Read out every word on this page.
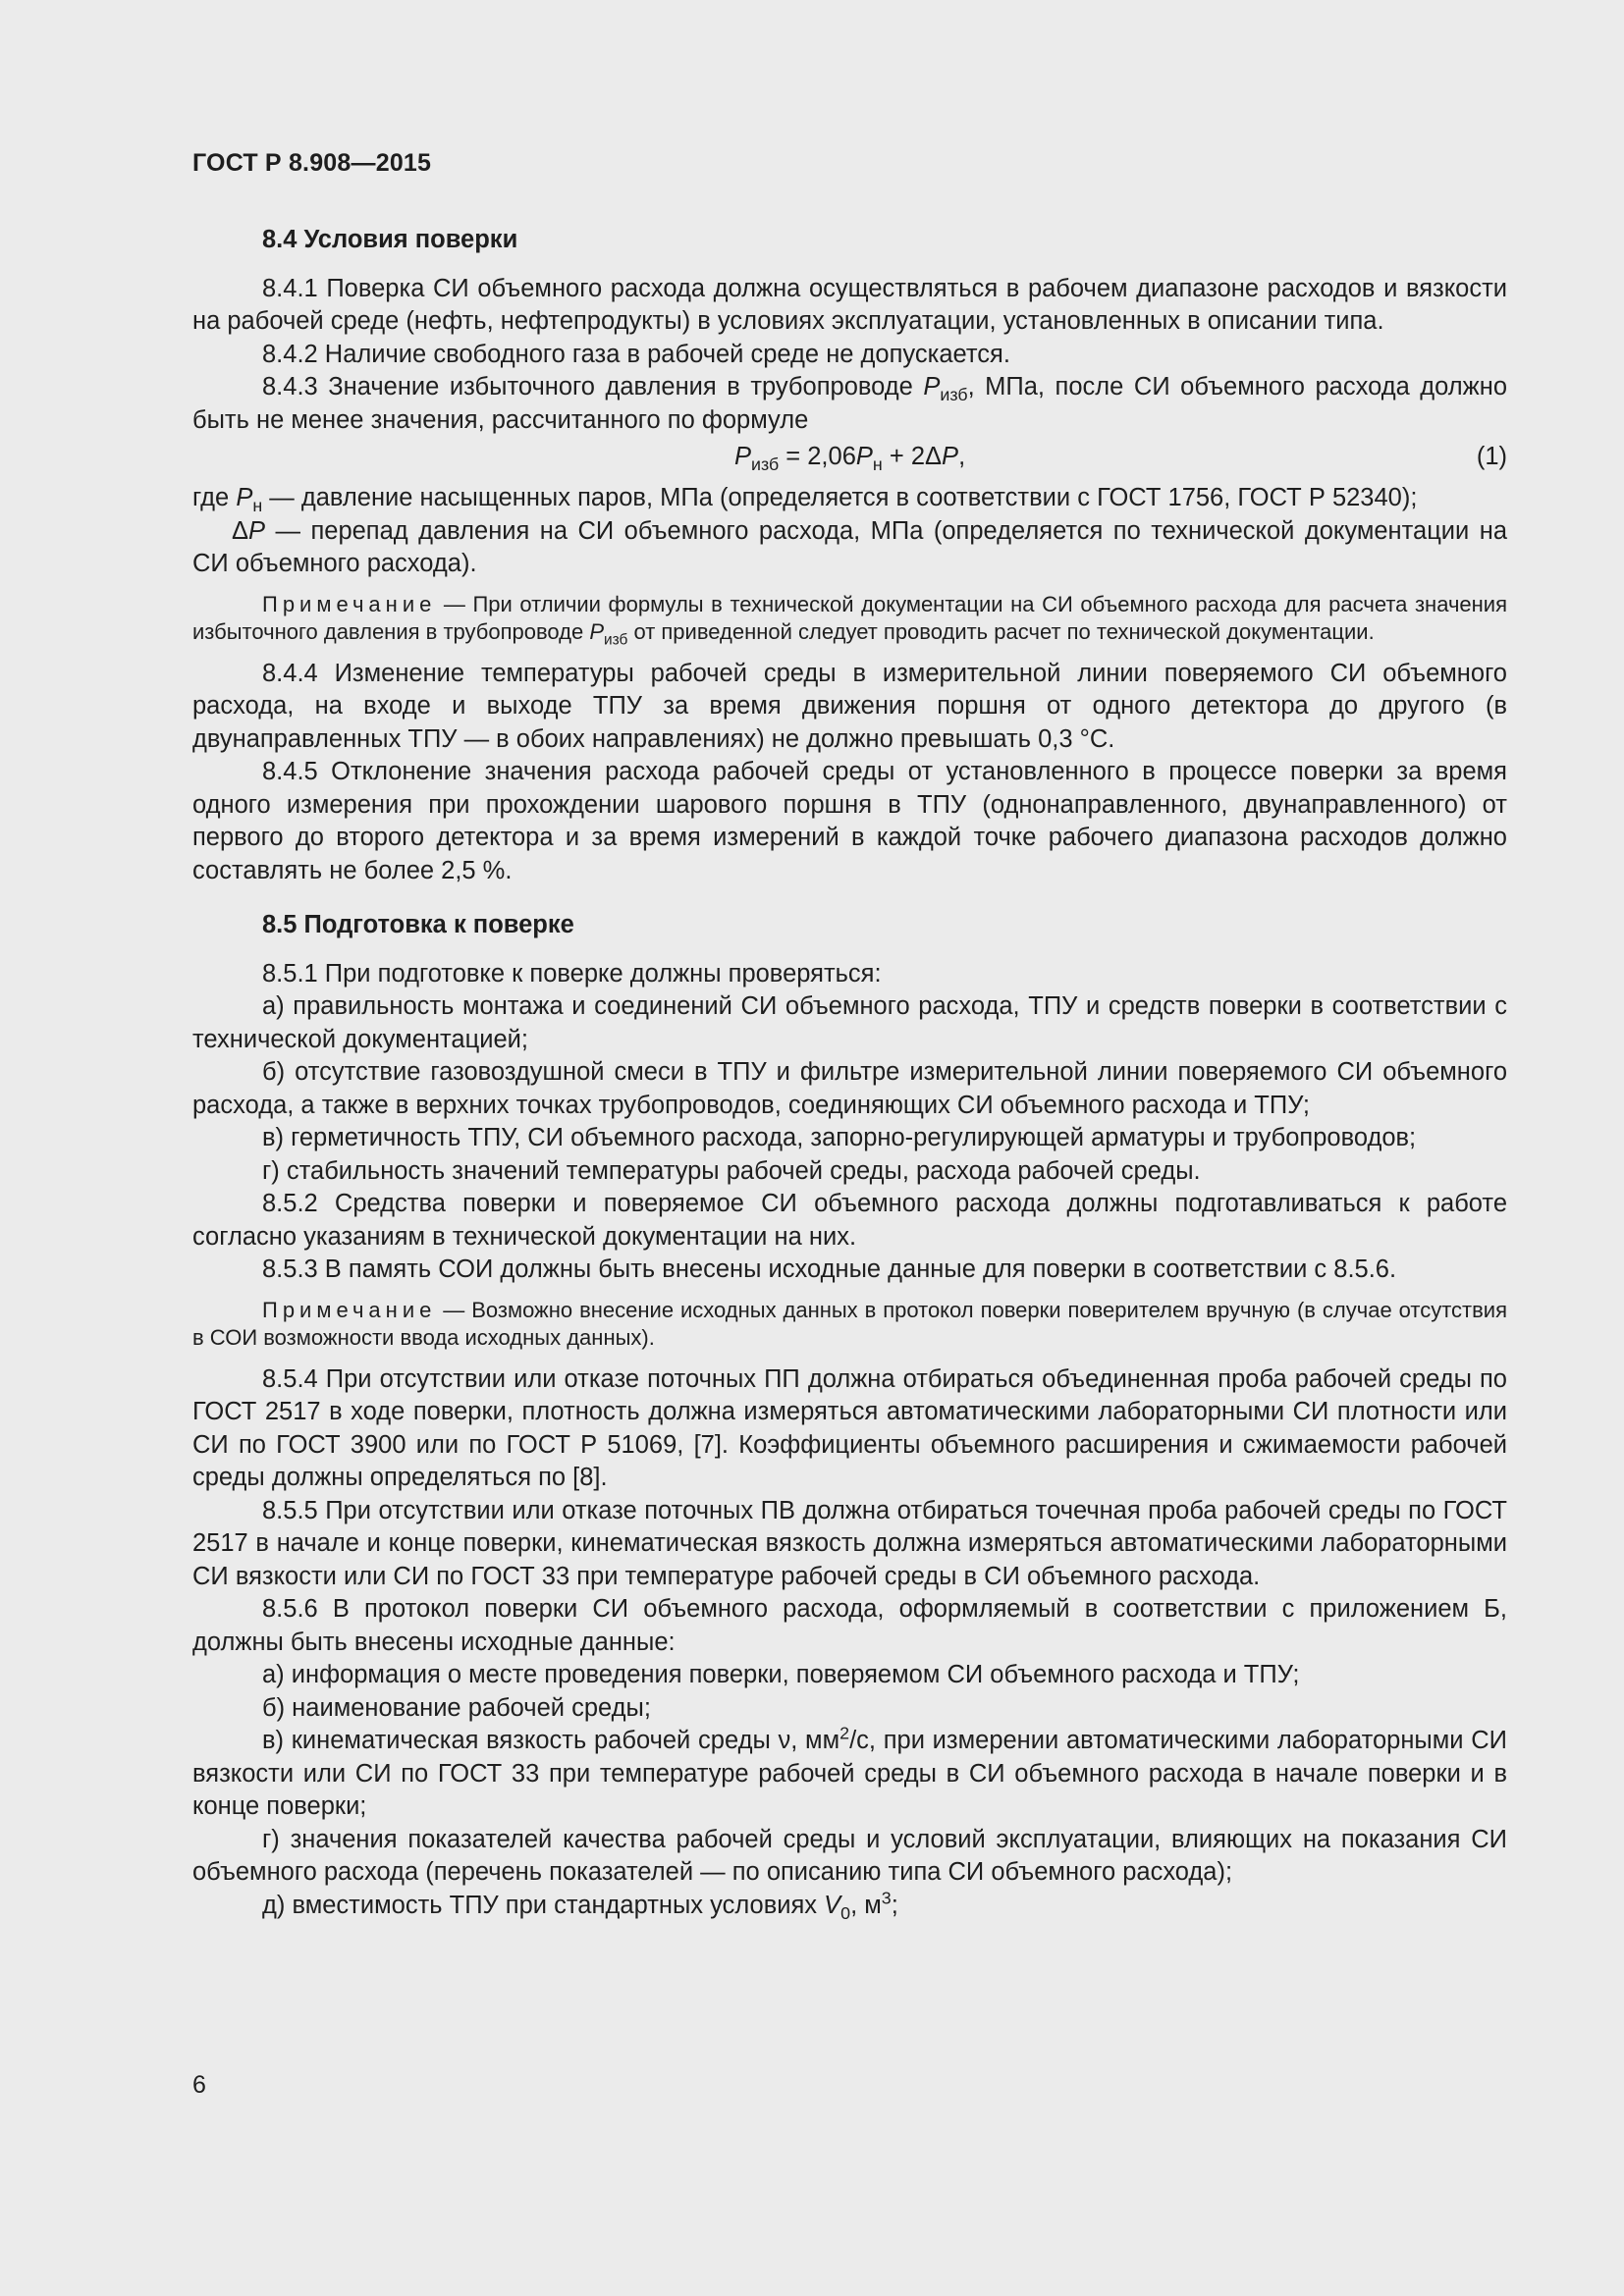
ГОСТ Р 8.908—2015

8.4 Условия поверки

8.4.1 Поверка СИ объемного расхода должна осуществляться в рабочем диапазоне расходов и вязкости на рабочей среде (нефть, нефтепродукты) в условиях эксплуатации, установленных в описании типа.

8.4.2 Наличие свободного газа в рабочей среде не допускается.

8.4.3 Значение избыточного давления в трубопроводе $P_{изб}$, МПа, после СИ объемного расхода должно быть не менее значения, рассчитанного по формуле

$P_{изб} = 2,06P_н + 2\Delta P$,	(1)

где $P_н$ — давление насыщенных паров, МПа (определяется в соответствии с ГОСТ 1756, ГОСТ Р 52340);

ΔP — перепад давления на СИ объемного расхода, МПа (определяется по технической документации на СИ объемного расхода).

Примечание — При отличии формулы в технической документации на СИ объемного расхода для расчета значения избыточного давления в трубопроводе $P_{изб}$ от приведенной следует проводить расчет по технической документации.

8.4.4 Изменение температуры рабочей среды в измерительной линии поверяемого СИ объемного расхода, на входе и выходе ТПУ за время движения поршня от одного детектора до другого (в двунаправленных ТПУ — в обоих направлениях) не должно превышать 0,3 °С.

8.4.5 Отклонение значения расхода рабочей среды от установленного в процессе поверки за время одного измерения при прохождении шарового поршня в ТПУ (однонаправленного, двунаправленного) от первого до второго детектора и за время измерений в каждой точке рабочего диапазона расходов должно составлять не более 2,5 %.

8.5 Подготовка к поверке

8.5.1 При подготовке к поверке должны проверяться:

а) правильность монтажа и соединений СИ объемного расхода, ТПУ и средств поверки в соответствии с технической документацией;

б) отсутствие газовоздушной смеси в ТПУ и фильтре измерительной линии поверяемого СИ объемного расхода, а также в верхних точках трубопроводов, соединяющих СИ объемного расхода и ТПУ;

в) герметичность ТПУ, СИ объемного расхода, запорно-регулирующей арматуры и трубопроводов;

г) стабильность значений температуры рабочей среды, расхода рабочей среды.

8.5.2 Средства поверки и поверяемое СИ объемного расхода должны подготавливаться к работе согласно указаниям в технической документации на них.

8.5.3 В память СОИ должны быть внесены исходные данные для поверки в соответствии с 8.5.6.

Примечание — Возможно внесение исходных данных в протокол поверки поверителем вручную (в случае отсутствия в СОИ возможности ввода исходных данных).

8.5.4 При отсутствии или отказе поточных ПП должна отбираться объединенная проба рабочей среды по ГОСТ 2517 в ходе поверки, плотность должна измеряться автоматическими лабораторными СИ плотности или СИ по ГОСТ 3900 или по ГОСТ Р 51069, [7]. Коэффициенты объемного расширения и сжимаемости рабочей среды должны определяться по [8].

8.5.5 При отсутствии или отказе поточных ПВ должна отбираться точечная проба рабочей среды по ГОСТ 2517 в начале и конце поверки, кинематическая вязкость должна измеряться автоматическими лабораторными СИ вязкости или СИ по ГОСТ 33 при температуре рабочей среды в СИ объемного расхода.

8.5.6 В протокол поверки СИ объемного расхода, оформляемый в соответствии с приложением Б, должны быть внесены исходные данные:

а) информация о месте проведения поверки, поверяемом СИ объемного расхода и ТПУ;

б) наименование рабочей среды;

в) кинематическая вязкость рабочей среды ν, $мм^2/с$, при измерении автоматическими лабораторными СИ вязкости или СИ по ГОСТ 33 при температуре рабочей среды в СИ объемного расхода в начале поверки и в конце поверки;

г) значения показателей качества рабочей среды и условий эксплуатации, влияющих на показания СИ объемного расхода (перечень показателей — по описанию типа СИ объемного расхода);

д) вместимость ТПУ при стандартных условиях $V_0$, $м^3$;

6
